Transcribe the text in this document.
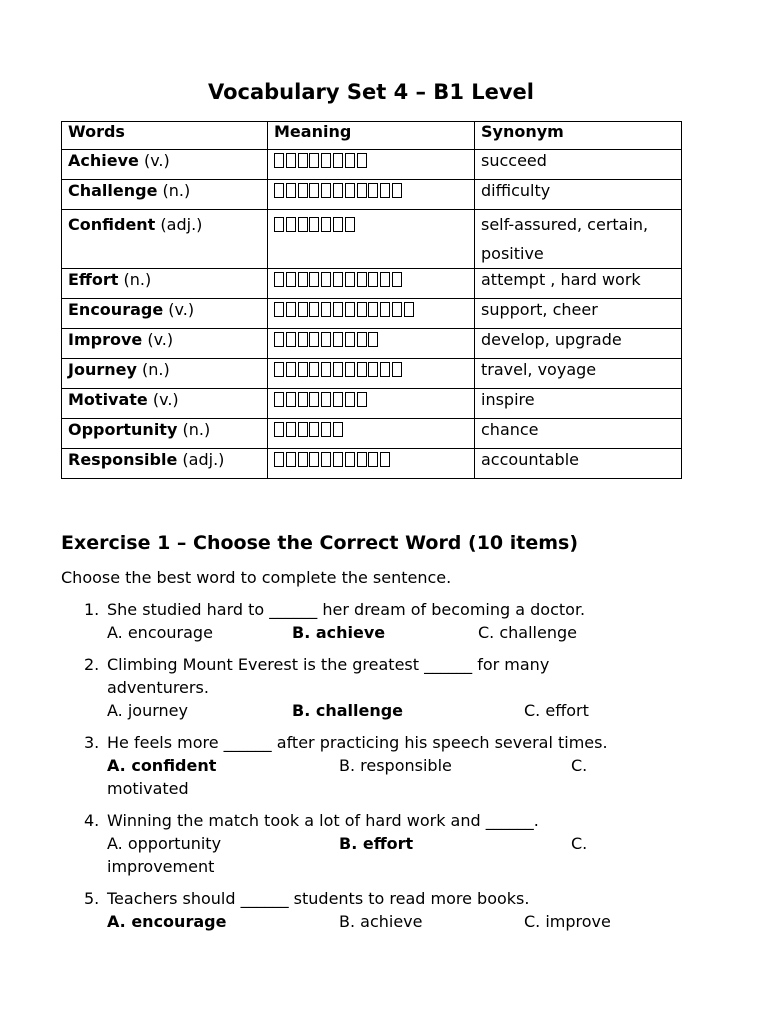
Vocabulary Set 4 – B1 Level
Words	Meaning	Synonym
Achieve (v.)		succeed
Challenge (n.)		difficulty
Confident (adj.)		self-assured, certain,
positive

Effort (n.)		attempt , hard work
Encourage (v.)		support, cheer
Improve (v.)		develop, upgrade
Journey (n.)		travel, voyage
Motivate (v.)		inspire
Opportunity (n.)		chance
Responsible (adj.)		accountable
Exercise 1 – Choose the Correct Word (10 items)
Choose the best word to complete the sentence.
1. She studied hard to ______ her dream of becoming a doctor.
A. encourage	B. achieve	C. challenge
2. Climbing Mount Everest is the greatest ______ for many
adventurers.
A. journey	B. challenge	C. effort
3. He feels more ______ after practicing his speech several times.
A. confident	B. responsible	C.
motivated
4. Winning the match took a lot of hard work and ______.
A. opportunity	B. effort	C.
improvement
5. Teachers should ______ students to read more books.
A. encourage	B. achieve	C. improve
